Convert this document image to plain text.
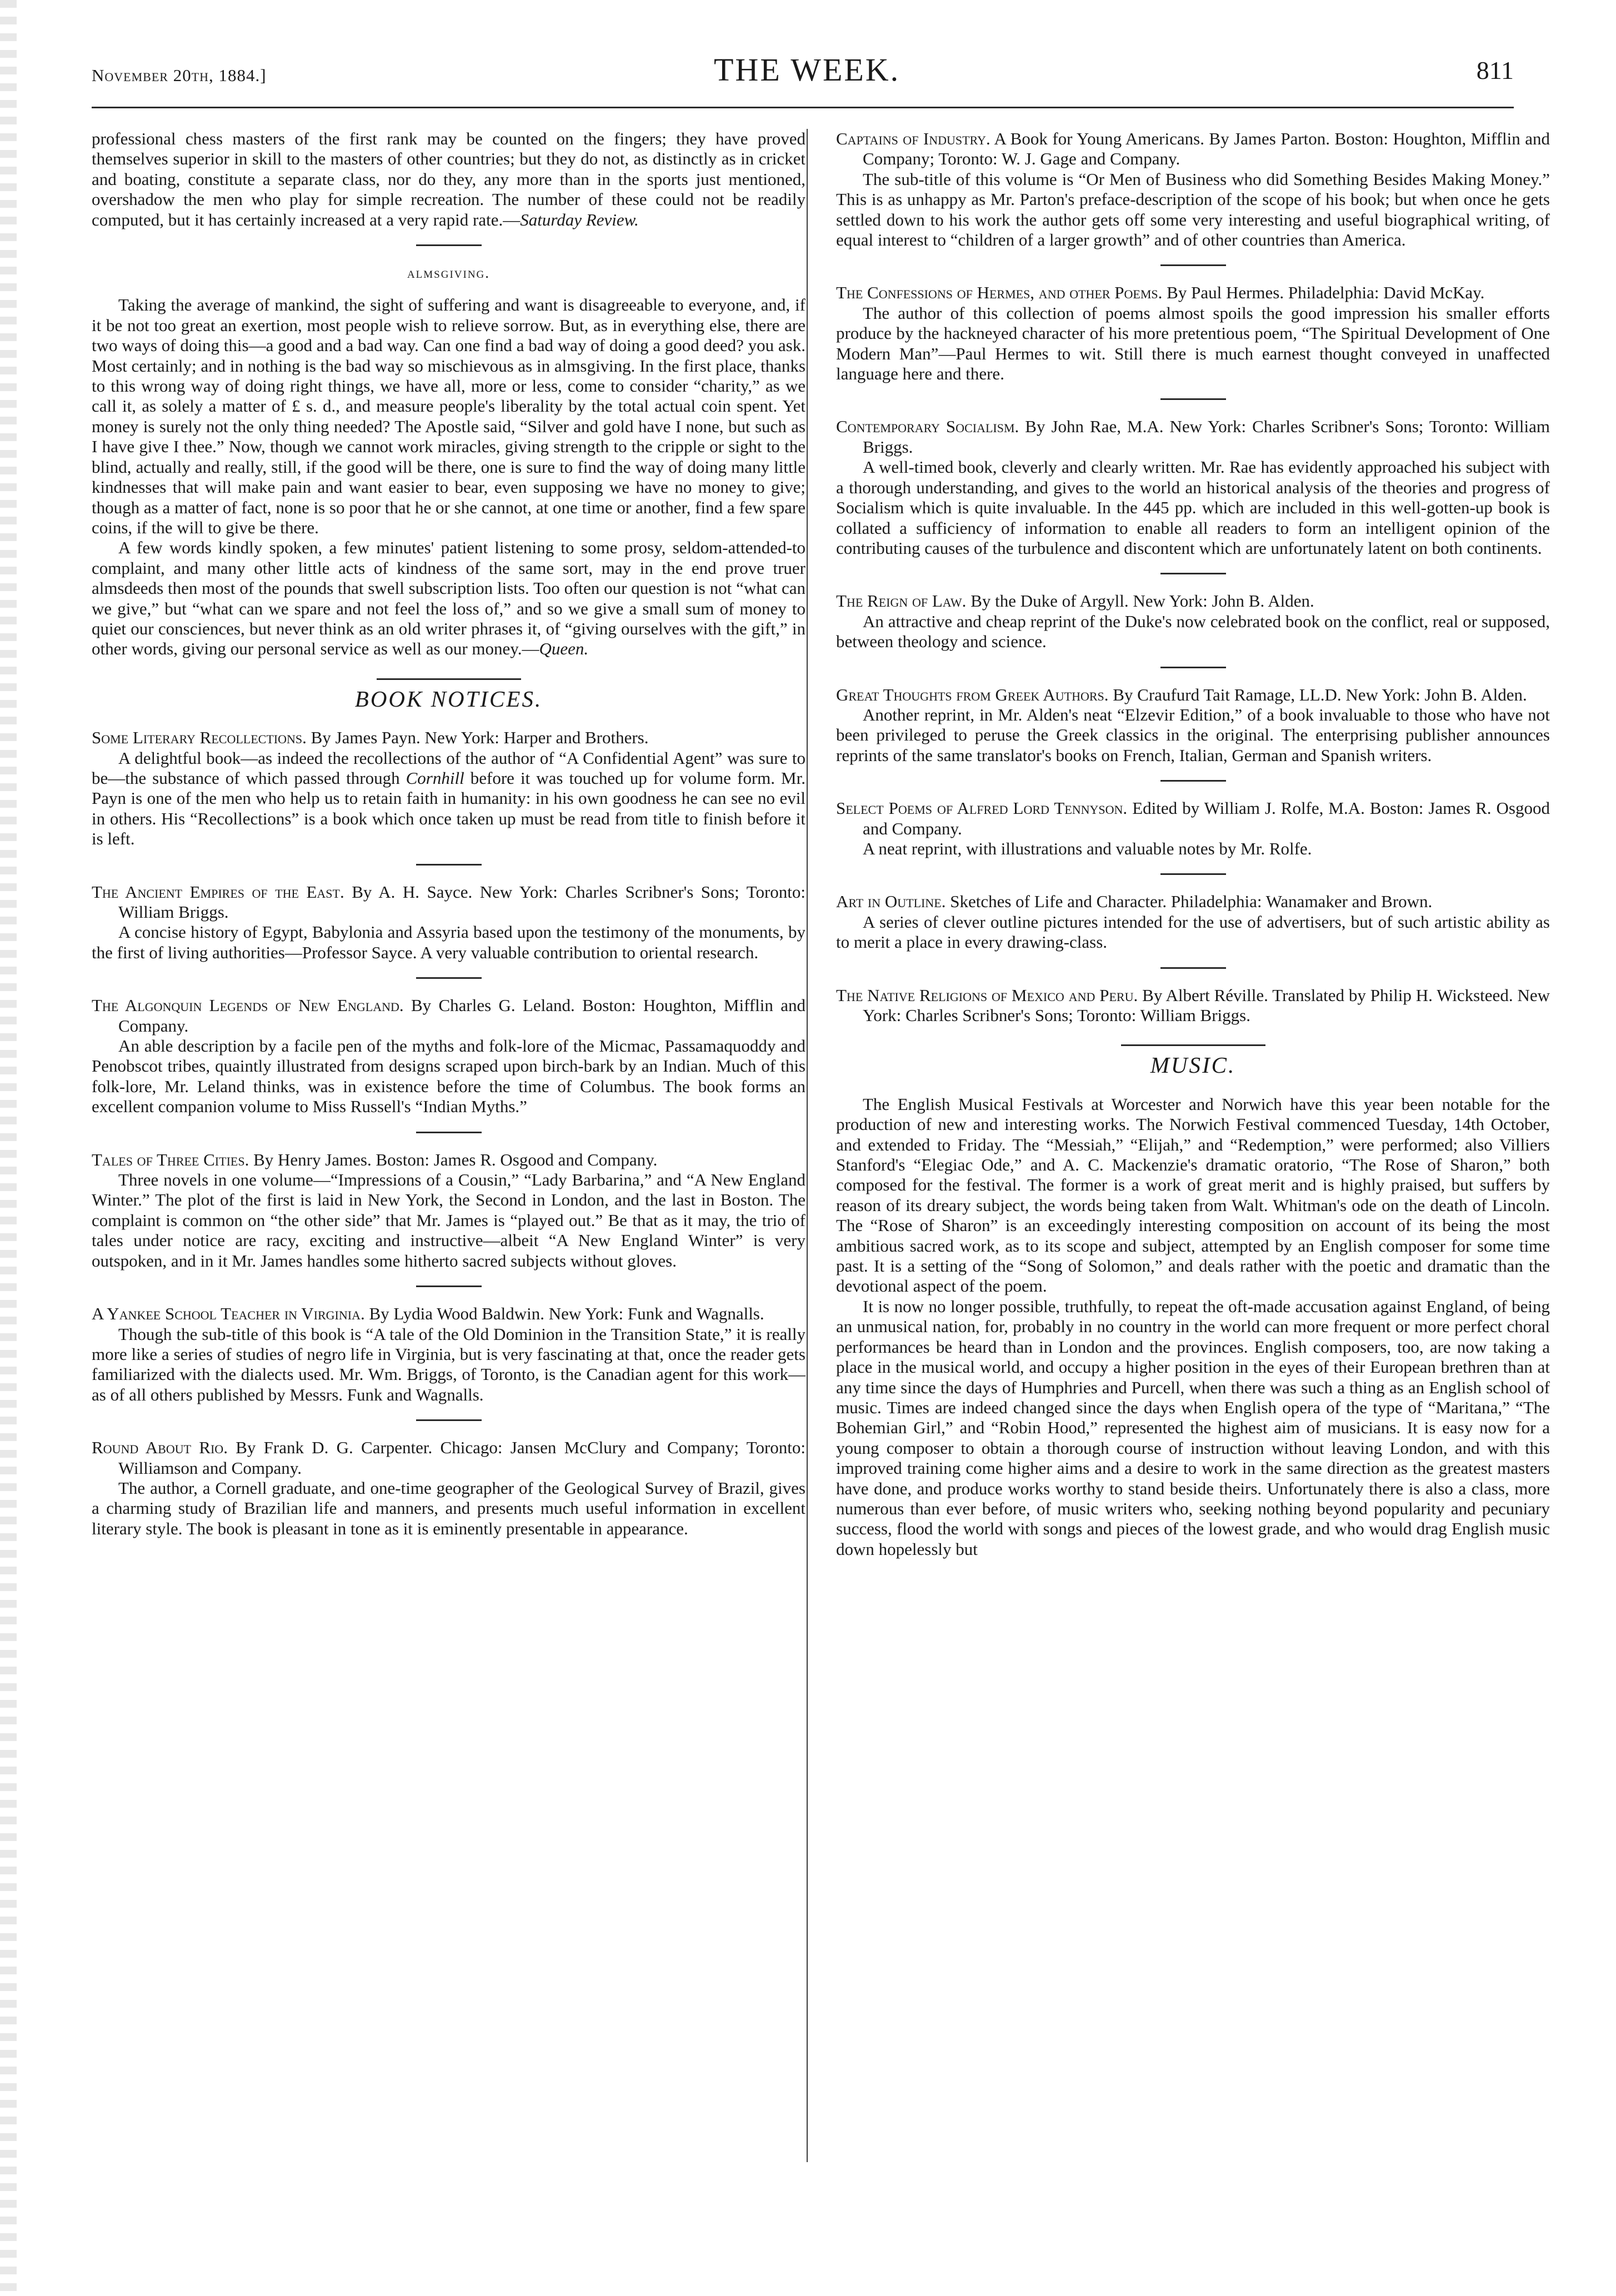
November 20th, 1884.]	THE WEEK.	811

professional chess masters of the first rank may be counted on the fingers; they have proved themselves superior in skill to the masters of other countries; but they do not, as distinctly as in cricket and boating, constitute a separate class, nor do they, any more than in the sports just mentioned, overshadow the men who play for simple recreation. The number of these could not be readily computed, but it has certainly increased at a very rapid rate.—Saturday Review.

almsgiving.

Taking the average of mankind, the sight of suffering and want is disagreeable to everyone, and, if it be not too great an exertion, most people wish to relieve sorrow. But, as in everything else, there are two ways of doing this—a good and a bad way. Can one find a bad way of doing a good deed? you ask. Most certainly; and in nothing is the bad way so mischievous as in almsgiving. In the first place, thanks to this wrong way of doing right things, we have all, more or less, come to consider “charity,” as we call it, as solely a matter of £ s. d., and measure people's liberality by the total actual coin spent. Yet money is surely not the only thing needed? The Apostle said, “Silver and gold have I none, but such as I have give I thee.” Now, though we cannot work miracles, giving strength to the cripple or sight to the blind, actually and really, still, if the good will be there, one is sure to find the way of doing many little kindnesses that will make pain and want easier to bear, even supposing we have no money to give; though as a matter of fact, none is so poor that he or she cannot, at one time or another, find a few spare coins, if the will to give be there.

A few words kindly spoken, a few minutes' patient listening to some prosy, seldom-attended-to complaint, and many other little acts of kindness of the same sort, may in the end prove truer almsdeeds then most of the pounds that swell subscription lists. Too often our question is not “what can we give,” but “what can we spare and not feel the loss of,” and so we give a small sum of money to quiet our consciences, but never think as an old writer phrases it, of “giving ourselves with the gift,” in other words, giving our personal service as well as our money.—Queen.

BOOK NOTICES.

Some Literary Recollections. By James Payn. New York: Harper and Brothers.

A delightful book—as indeed the recollections of the author of “A Confidential Agent” was sure to be—the substance of which passed through Cornhill before it was touched up for volume form. Mr. Payn is one of the men who help us to retain faith in humanity: in his own goodness he can see no evil in others. His “Recollections” is a book which once taken up must be read from title to finish before it is left.

The Ancient Empires of the East. By A. H. Sayce. New York: Charles Scribner's Sons; Toronto: William Briggs.

A concise history of Egypt, Babylonia and Assyria based upon the testimony of the monuments, by the first of living authorities—Professor Sayce. A very valuable contribution to oriental research.

The Algonquin Legends of New England. By Charles G. Leland. Boston: Houghton, Mifflin and Company.

An able description by a facile pen of the myths and folk-lore of the Micmac, Passamaquoddy and Penobscot tribes, quaintly illustrated from designs scraped upon birch-bark by an Indian. Much of this folk-lore, Mr. Leland thinks, was in existence before the time of Columbus. The book forms an excellent companion volume to Miss Russell's “Indian Myths.”

Tales of Three Cities. By Henry James. Boston: James R. Osgood and Company.

Three novels in one volume—“Impressions of a Cousin,” “Lady Barbarina,” and “A New England Winter.” The plot of the first is laid in New York, the Second in London, and the last in Boston. The complaint is common on “the other side” that Mr. James is “played out.” Be that as it may, the trio of tales under notice are racy, exciting and instructive—albeit “A New England Winter” is very outspoken, and in it Mr. James handles some hitherto sacred subjects without gloves.

A Yankee School Teacher in Virginia. By Lydia Wood Baldwin. New York: Funk and Wagnalls.

Though the sub-title of this book is “A tale of the Old Dominion in the Transition State,” it is really more like a series of studies of negro life in Virginia, but is very fascinating at that, once the reader gets familiarized with the dialects used. Mr. Wm. Briggs, of Toronto, is the Canadian agent for this work—as of all others published by Messrs. Funk and Wagnalls.

Round About Rio. By Frank D. G. Carpenter. Chicago: Jansen McClury and Company; Toronto: Williamson and Company.

The author, a Cornell graduate, and one-time geographer of the Geological Survey of Brazil, gives a charming study of Brazilian life and manners, and presents much useful information in excellent literary style. The book is pleasant in tone as it is eminently presentable in appearance.

Captains of Industry. A Book for Young Americans. By James Parton. Boston: Houghton, Mifflin and Company; Toronto: W. J. Gage and Company.

The sub-title of this volume is “Or Men of Business who did Something Besides Making Money.” This is as unhappy as Mr. Parton's preface-description of the scope of his book; but when once he gets settled down to his work the author gets off some very interesting and useful biographical writing, of equal interest to “children of a larger growth” and of other countries than America.

The Confessions of Hermes, and other Poems. By Paul Hermes. Philadelphia: David McKay.

The author of this collection of poems almost spoils the good impression his smaller efforts produce by the hackneyed character of his more pretentious poem, “The Spiritual Development of One Modern Man”—Paul Hermes to wit. Still there is much earnest thought conveyed in unaffected language here and there.

Contemporary Socialism. By John Rae, M.A. New York: Charles Scribner's Sons; Toronto: William Briggs.

A well-timed book, cleverly and clearly written. Mr. Rae has evidently approached his subject with a thorough understanding, and gives to the world an historical analysis of the theories and progress of Socialism which is quite invaluable. In the 445 pp. which are included in this well-gotten-up book is collated a sufficiency of information to enable all readers to form an intelligent opinion of the contributing causes of the turbulence and discontent which are unfortunately latent on both continents.

The Reign of Law. By the Duke of Argyll. New York: John B. Alden.

An attractive and cheap reprint of the Duke's now celebrated book on the conflict, real or supposed, between theology and science.

Great Thoughts from Greek Authors. By Craufurd Tait Ramage, LL.D. New York: John B. Alden.

Another reprint, in Mr. Alden's neat “Elzevir Edition,” of a book invaluable to those who have not been privileged to peruse the Greek classics in the original. The enterprising publisher announces reprints of the same translator's books on French, Italian, German and Spanish writers.

Select Poems of Alfred Lord Tennyson. Edited by William J. Rolfe, M.A. Boston: James R. Osgood and Company.

A neat reprint, with illustrations and valuable notes by Mr. Rolfe.

Art in Outline. Sketches of Life and Character. Philadelphia: Wanamaker and Brown.

A series of clever outline pictures intended for the use of advertisers, but of such artistic ability as to merit a place in every drawing-class.

The Native Religions of Mexico and Peru. By Albert Réville. Translated by Philip H. Wicksteed. New York: Charles Scribner's Sons; Toronto: William Briggs.

MUSIC.

The English Musical Festivals at Worcester and Norwich have this year been notable for the production of new and interesting works. The Norwich Festival commenced Tuesday, 14th October, and extended to Friday. The “Messiah,” “Elijah,” and “Redemption,” were performed; also Villiers Stanford's “Elegiac Ode,” and A. C. Mackenzie's dramatic oratorio, “The Rose of Sharon,” both composed for the festival. The former is a work of great merit and is highly praised, but suffers by reason of its dreary subject, the words being taken from Walt. Whitman's ode on the death of Lincoln. The “Rose of Sharon” is an exceedingly interesting composition on account of its being the most ambitious sacred work, as to its scope and subject, attempted by an English composer for some time past. It is a setting of the “Song of Solomon,” and deals rather with the poetic and dramatic than the devotional aspect of the poem.

It is now no longer possible, truthfully, to repeat the oft-made accusation against England, of being an unmusical nation, for, probably in no country in the world can more frequent or more perfect choral performances be heard than in London and the provinces. English composers, too, are now taking a place in the musical world, and occupy a higher position in the eyes of their European brethren than at any time since the days of Humphries and Purcell, when there was such a thing as an English school of music. Times are indeed changed since the days when English opera of the type of “Maritana,” “The Bohemian Girl,” and “Robin Hood,” represented the highest aim of musicians. It is easy now for a young composer to obtain a thorough course of instruction without leaving London, and with this improved training come higher aims and a desire to work in the same direction as the greatest masters have done, and produce works worthy to stand beside theirs. Unfortunately there is also a class, more numerous than ever before, of music writers who, seeking nothing beyond popularity and pecuniary success, flood the world with songs and pieces of the lowest grade, and who would drag English music down hopelessly but
